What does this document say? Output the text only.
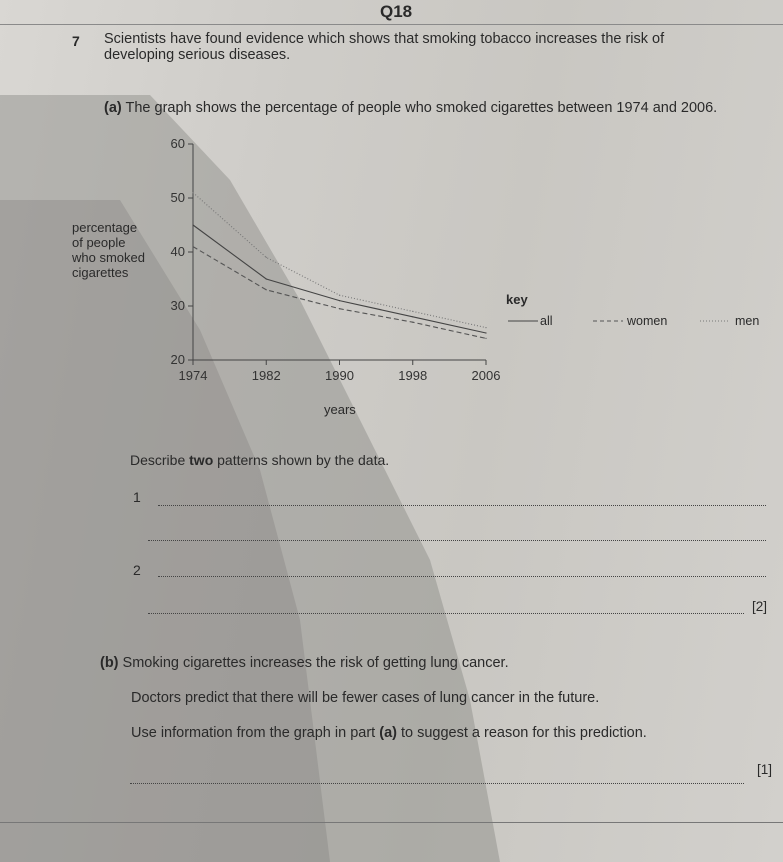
Q18
7 Scientists have found evidence which shows that smoking tobacco increases the risk of
developing serious diseases.
(a) The graph shows the percentage of people who smoked cigarettes between 1974 and 2006.
percentage
of people
who smoked
cigarettes
20
30
40
50
60
1974	1982	1990	1998	2006
years
key
all	women	men
Describe two patterns shown by the data.
1
2
[2]
(b) Smoking cigarettes increases the risk of getting lung cancer.
Doctors predict that there will be fewer cases of lung cancer in the future.
Use information from the graph in part (a) to suggest a reason for this prediction.
[1]
